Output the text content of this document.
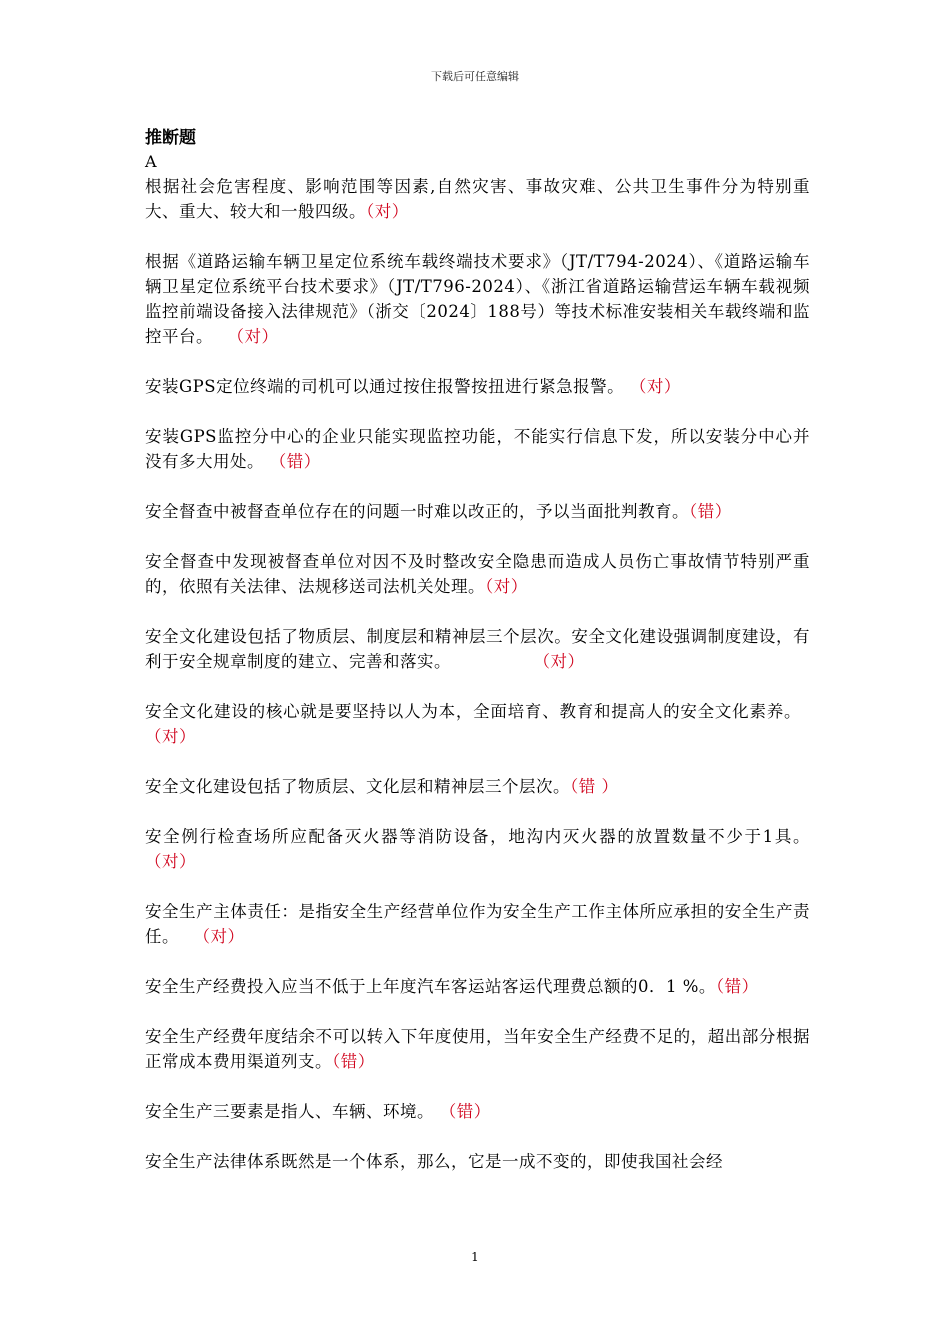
下载后可任意编辑

推断题

A

根据社会危害程度、影响范围等因素,自然灾害、事故灾难、公共卫生事件分为特别重大、重大、较大和一般四级。（对）

根据《道路运输车辆卫星定位系统车载终端技术要求》（JT/T794-2024）、《道路运输车辆卫星定位系统平台技术要求》（JT/T796-2024）、《浙江省道路运输营运车辆车载视频监控前端设备接入法律规范》（浙交〔2024〕188号）等技术标准安装相关车载终端和监控平台。　 （对）

安装GPS定位终端的司机可以通过按住报警按扭进行紧急报警。 （对）

安装GPS监控分中心的企业只能实现监控功能，不能实行信息下发，所以安装分中心并没有多大用处。 （错）

安全督查中被督查单位存在的问题一时难以改正的，予以当面批判教育。（错）

安全督查中发现被督查单位对因不及时整改安全隐患而造成人员伤亡事故情节特别严重的，依照有关法律、法规移送司法机关处理。（对）

安全文化建设包括了物质层、制度层和精神层三个层次。安全文化建设强调制度建设，有利于安全规章制度的建立、完善和落实。　　　　　 （对）

安全文化建设的核心就是要坚持以人为本，全面培育、教育和提高人的安全文化素养。　 （对）

安全文化建设包括了物质层、文化层和精神层三个层次。（错 ）

安全例行检查场所应配备灭火器等消防设备，地沟内灭火器的放置数量不少于1具。（对）

安全生产主体责任：是指安全生产经营单位作为安全生产工作主体所应承担的安全生产责任。　 （对）

安全生产经费投入应当不低于上年度汽车客运站客运代理费总额的0．1 %。（错）

安全生产经费年度结余不可以转入下年度使用，当年安全生产经费不足的，超出部分根据正常成本费用渠道列支。（错）

安全生产三要素是指人、车辆、环境。 （错）

安全生产法律体系既然是一个体系，那么，它是一成不变的，即使我国社会经

1
